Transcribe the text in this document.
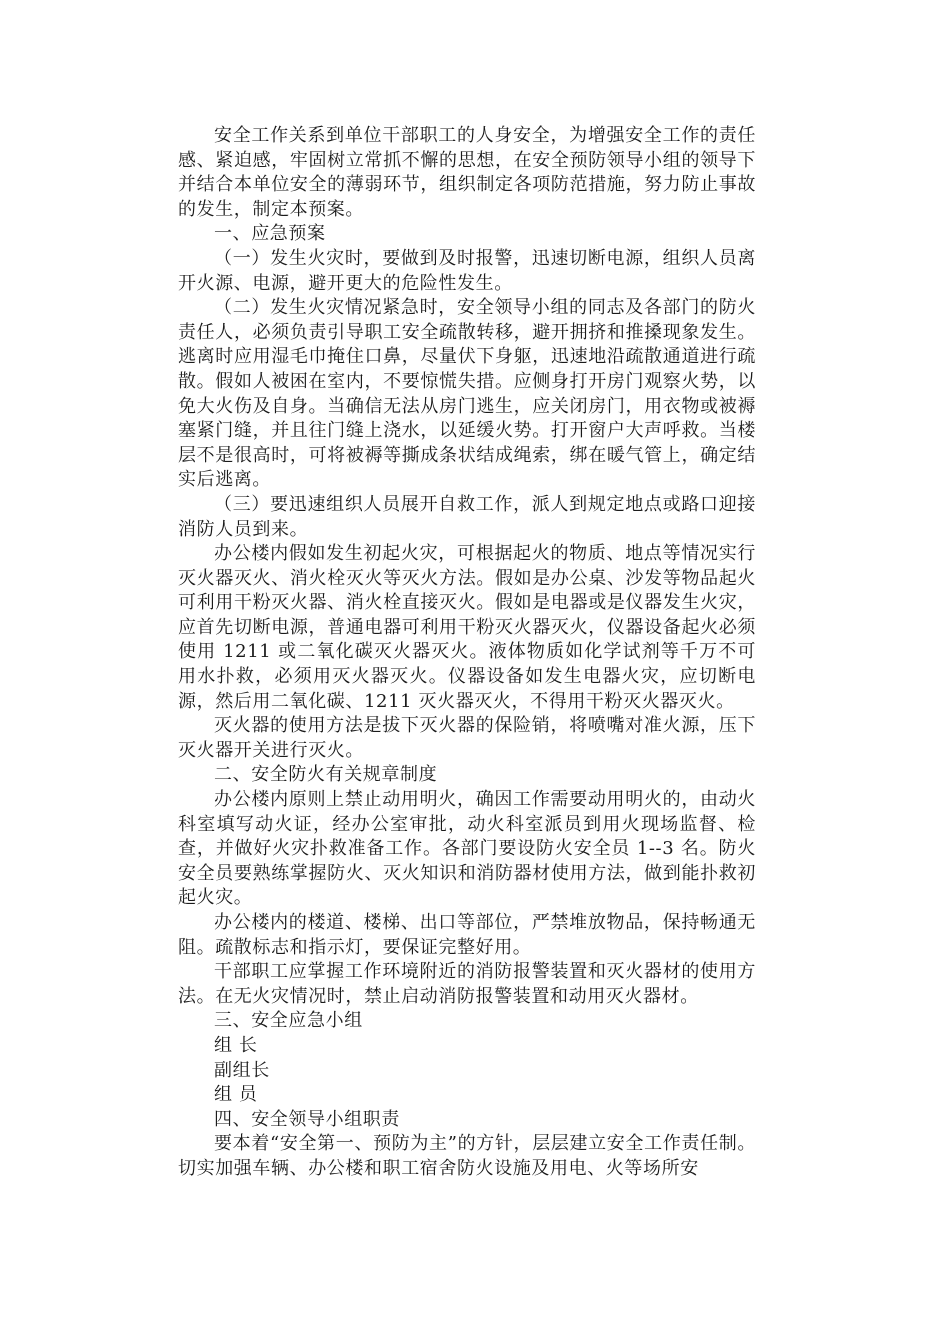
安全工作关系到单位干部职工的人身安全，为增强安全工作的责任感、紧迫感，牢固树立常抓不懈的思想，在安全预防领导小组的领导下并结合本单位安全的薄弱环节，组织制定各项防范措施，努力防止事故的发生，制定本预案。

一、应急预案

（一）发生火灾时，要做到及时报警，迅速切断电源，组织人员离开火源、电源，避开更大的危险性发生。

（二）发生火灾情况紧急时，安全领导小组的同志及各部门的防火责任人，必须负责引导职工安全疏散转移，避开拥挤和推搡现象发生。逃离时应用湿毛巾掩住口鼻，尽量伏下身躯，迅速地沿疏散通道进行疏散。假如人被困在室内，不要惊慌失措。应侧身打开房门观察火势，以免大火伤及自身。当确信无法从房门逃生，应关闭房门，用衣物或被褥塞紧门缝，并且往门缝上浇水，以延缓火势。打开窗户大声呼救。当楼层不是很高时，可将被褥等撕成条状结成绳索，绑在暖气管上，确定结实后逃离。

（三）要迅速组织人员展开自救工作，派人到规定地点或路口迎接消防人员到来。

办公楼内假如发生初起火灾，可根据起火的物质、地点等情况实行灭火器灭火、消火栓灭火等灭火方法。假如是办公桌、沙发等物品起火可利用干粉灭火器、消火栓直接灭火。假如是电器或是仪器发生火灾，应首先切断电源，普通电器可利用干粉灭火器灭火，仪器设备起火必须使用 1211 或二氧化碳灭火器灭火。液体物质如化学试剂等千万不可用水扑救，必须用灭火器灭火。仪器设备如发生电器火灾，应切断电源，然后用二氧化碳、1211 灭火器灭火，不得用干粉灭火器灭火。

灭火器的使用方法是拔下灭火器的保险销，将喷嘴对准火源，压下灭火器开关进行灭火。

二、安全防火有关规章制度

办公楼内原则上禁止动用明火，确因工作需要动用明火的，由动火科室填写动火证，经办公室审批，动火科室派员到用火现场监督、检查，并做好火灾扑救准备工作。各部门要设防火安全员 1--3 名。防火安全员要熟练掌握防火、灭火知识和消防器材使用方法，做到能扑救初起火灾。

办公楼内的楼道、楼梯、出口等部位，严禁堆放物品，保持畅通无阻。疏散标志和指示灯，要保证完整好用。

干部职工应掌握工作环境附近的消防报警装置和灭火器材的使用方法。在无火灾情况时，禁止启动消防报警装置和动用灭火器材。

三、安全应急小组

组 长

副组长

组 员

四、安全领导小组职责

要本着“安全第一、预防为主”的方针，层层建立安全工作责任制。切实加强车辆、办公楼和职工宿舍防火设施及用电、火等场所安
